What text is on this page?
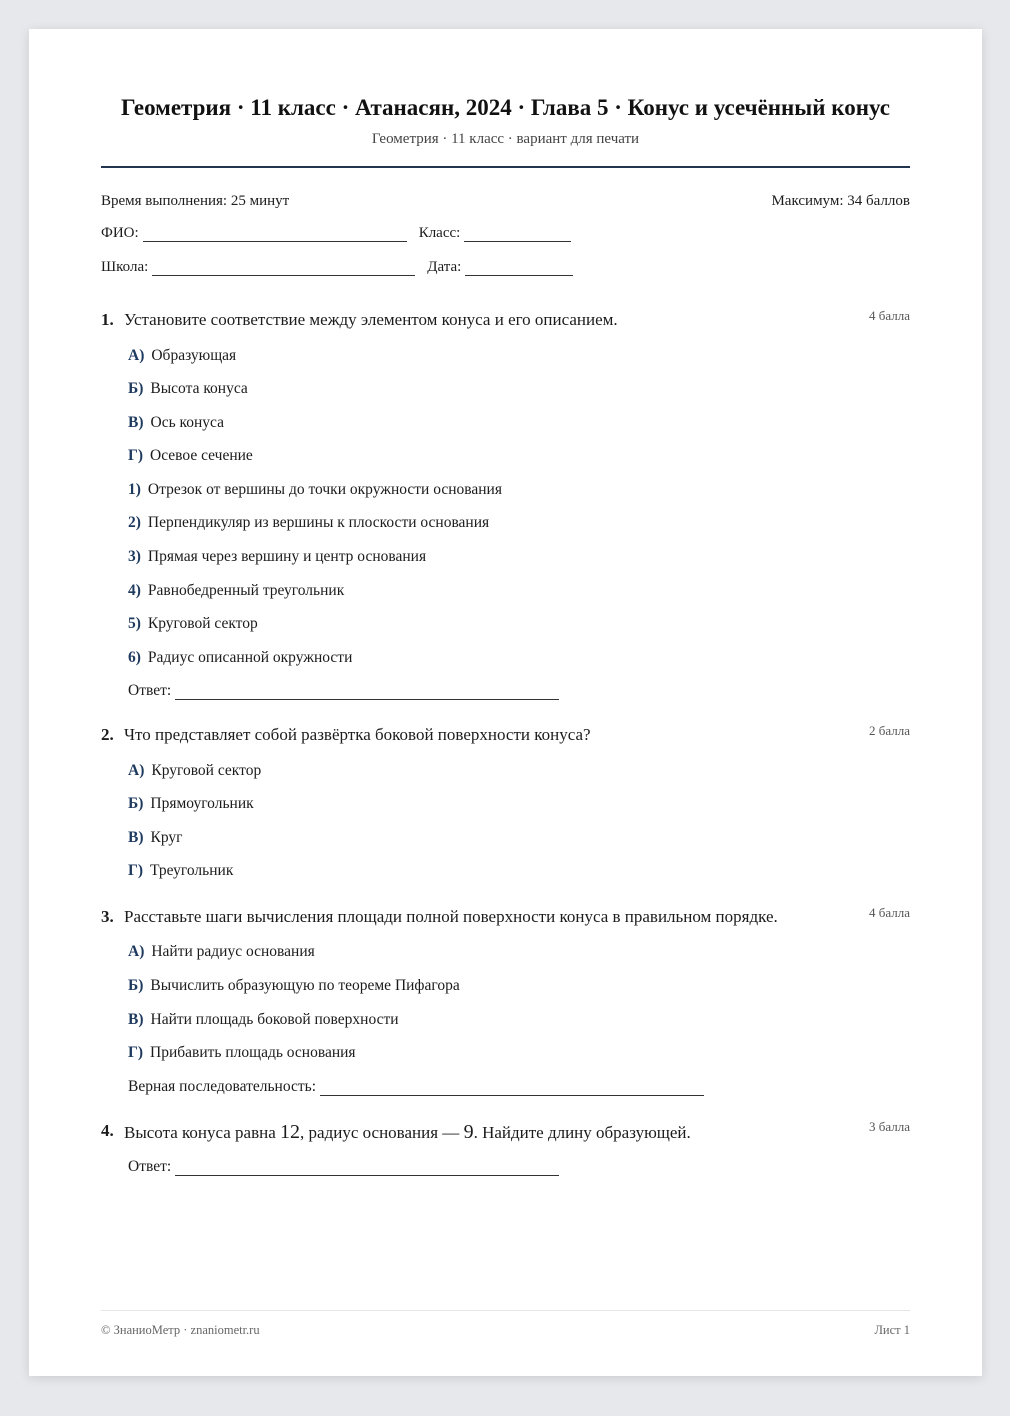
Геометрия · 11 класс · Атанасян, 2024 · Глава 5 · Конус и усечённый конус
Геометрия · 11 класс · вариант для печати
Время выполнения: 25 минут	Максимум: 34 баллов
ФИО:	Класс:
Школа:	Дата:
1. Установите соответствие между элементом конуса и его описанием.	4 балла
А) Образующая
Б) Высота конуса
В) Ось конуса
Г) Осевое сечение
1) Отрезок от вершины до точки окружности основания
2) Перпендикуляр из вершины к плоскости основания
3) Прямая через вершину и центр основания
4) Равнобедренный треугольник
5) Круговой сектор
6) Радиус описанной окружности
Ответ:
2. Что представляет собой развёртка боковой поверхности конуса?	2 балла
А) Круговой сектор
Б) Прямоугольник
В) Круг
Г) Треугольник
3. Расставьте шаги вычисления площади полной поверхности конуса в правильном порядке.	4 балла
А) Найти радиус основания
Б) Вычислить образующую по теореме Пифагора
В) Найти площадь боковой поверхности
Г) Прибавить площадь основания
Верная последовательность:
4. Высота конуса равна 12, радиус основания — 9. Найдите длину образующей.	3 балла
Ответ:
© ЗнаниоМетр · znaniometr.ru	Лист 1
